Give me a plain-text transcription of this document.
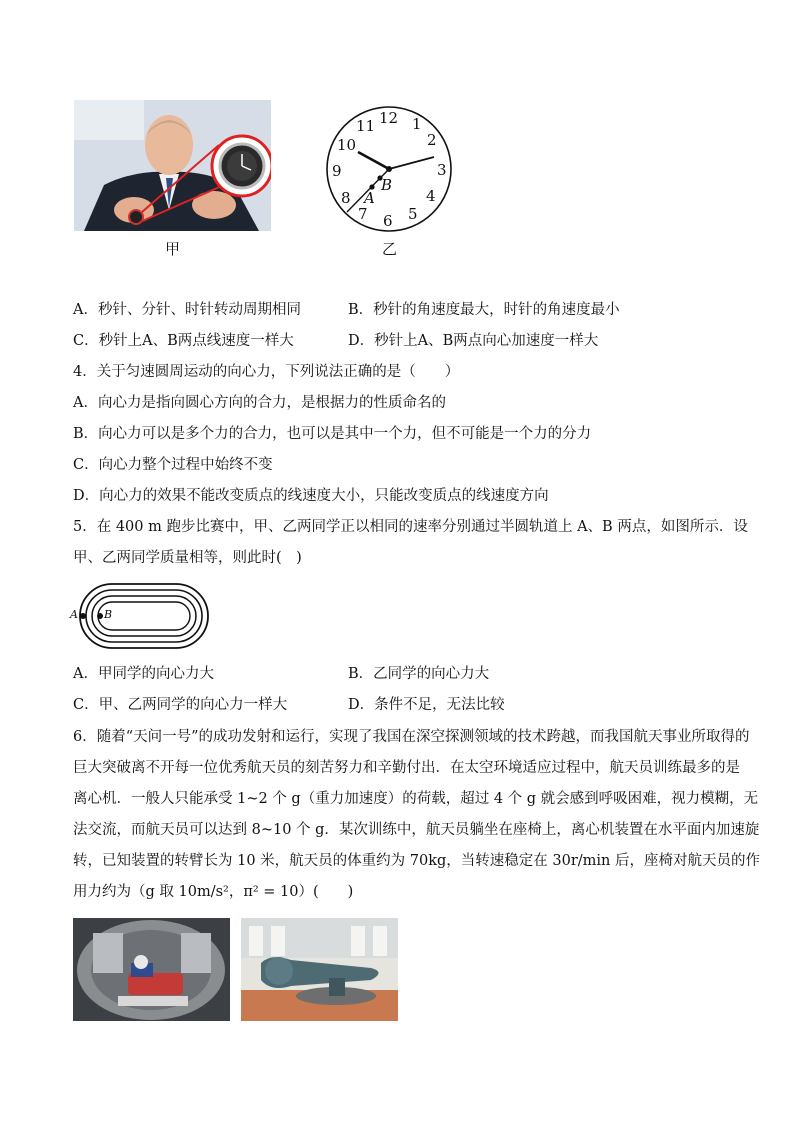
甲
12 1
2
3
4
5
6
7
8
9
10
11
B
A
乙
A．秒针、分针、时针转动周期相同	B．秒针的角速度最大，时针的角速度最小
C．秒针上A、B两点线速度一样大	D．秒针上A、B两点向心加速度一样大
4．关于匀速圆周运动的向心力，下列说法正确的是（　　）
A．向心力是指向圆心方向的合力，是根据力的性质命名的
B．向心力可以是多个力的合力，也可以是其中一个力，但不可能是一个力的分力
C．向心力整个过程中始终不变
D．向心力的效果不能改变质点的线速度大小，只能改变质点的线速度方向
5．在 400 m 跑步比赛中，甲、乙两同学正以相同的速率分别通过半圆轨道上 A、B 两点，如图所示．设
甲、乙两同学质量相等，则此时(　)
A B
A．甲同学的向心力大	B．乙同学的向心力大
C．甲、乙两同学的向心力一样大	D．条件不足，无法比较
6．随着“天问一号”的成功发射和运行，实现了我国在深空探测领域的技术跨越，而我国航天事业所取得的
巨大突破离不开每一位优秀航天员的刻苦努力和辛勤付出．在太空环境适应过程中，航天员训练最多的是
离心机．一般人只能承受 1~2 个 g（重力加速度）的荷载，超过 4 个 g 就会感到呼吸困难，视力模糊，无
法交流，而航天员可以达到 8~10 个 g．某次训练中，航天员躺坐在座椅上，离心机装置在水平面内加速旋
转，已知装置的转臂长为 10 米，航天员的体重约为 70kg，当转速稳定在 30r/min 后，座椅对航天员的作
用力约为（g 取 10m/s²，π² = 10）(　　)
